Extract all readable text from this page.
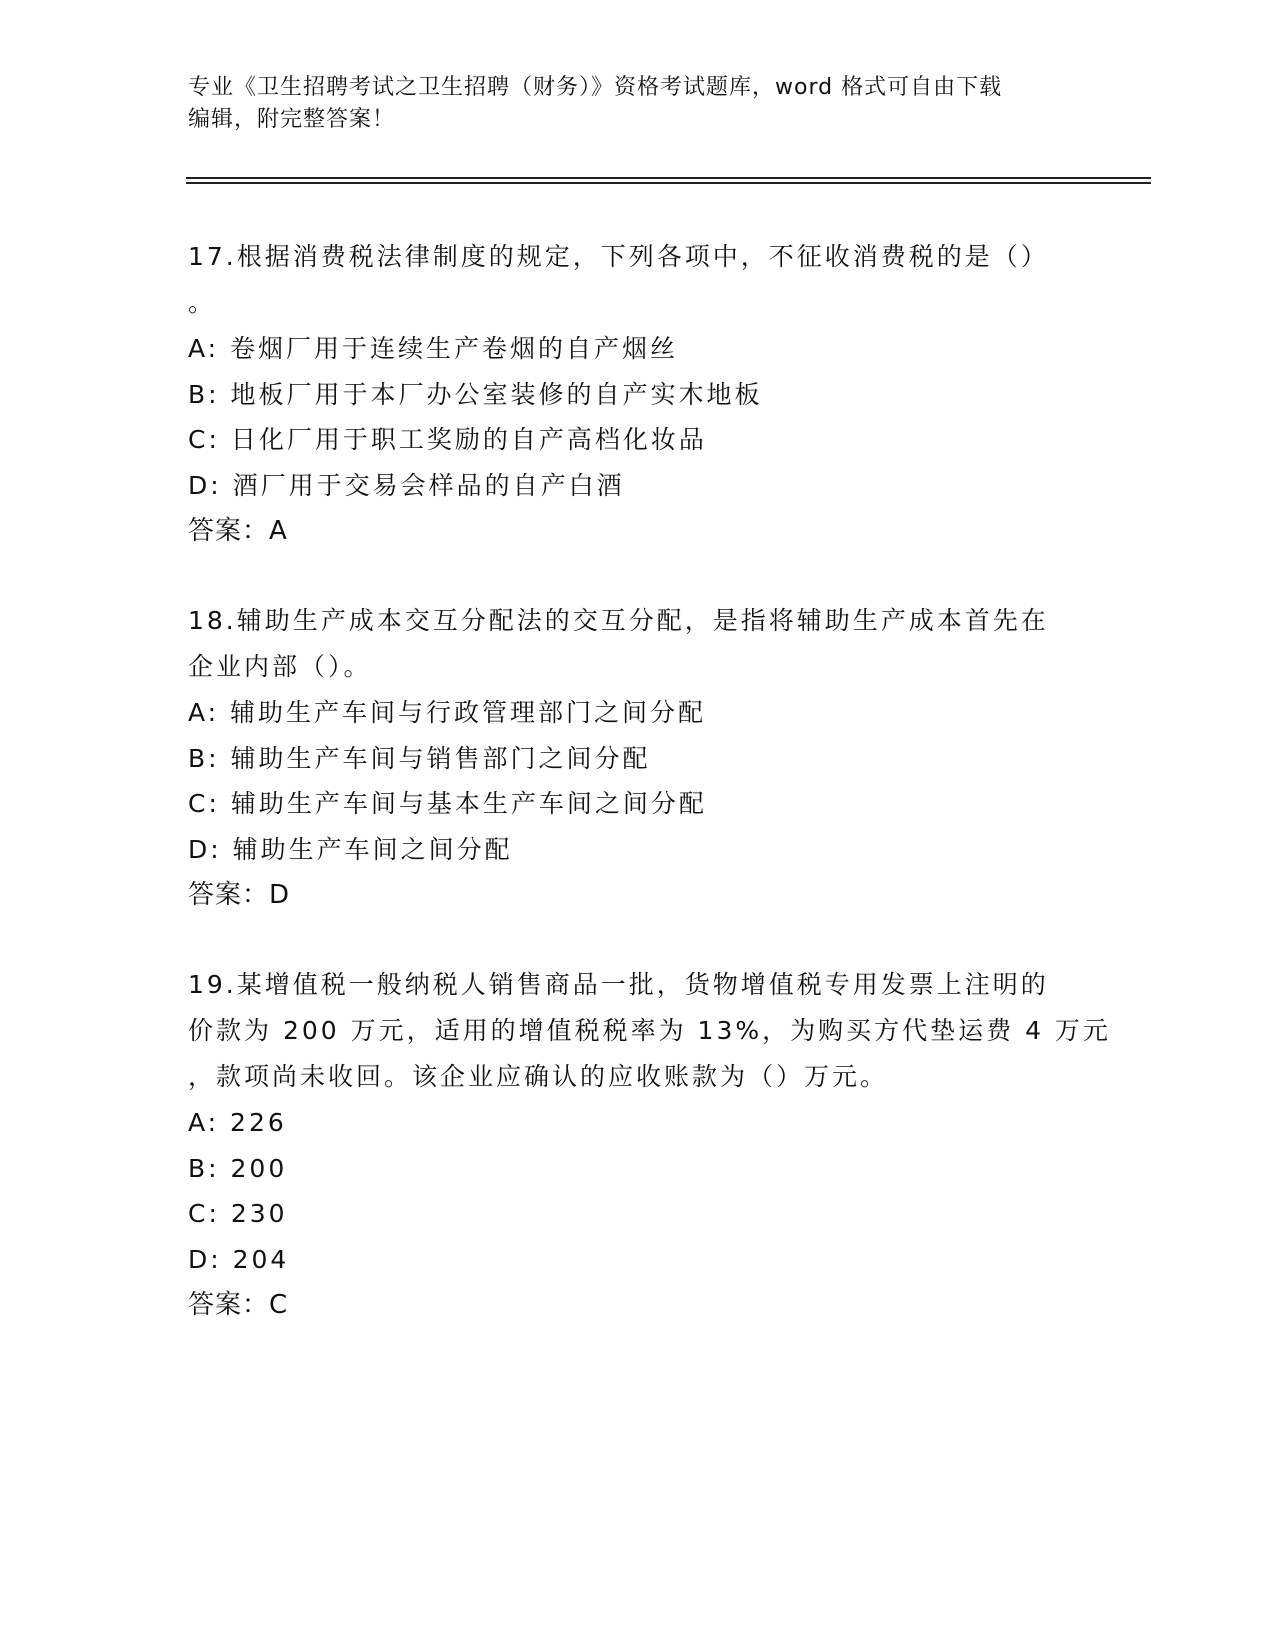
专业《卫生招聘考试之卫生招聘（财务）》资格考试题库，word 格式可自由下载
编辑，附完整答案！
17.根据消费税法律制度的规定，下列各项中，不征收消费税的是（）
。
A: 卷烟厂用于连续生产卷烟的自产烟丝
B: 地板厂用于本厂办公室装修的自产实木地板
C: 日化厂用于职工奖励的自产高档化妆品
D: 酒厂用于交易会样品的自产白酒
答案：A
18.辅助生产成本交互分配法的交互分配，是指将辅助生产成本首先在
企业内部（）。
A: 辅助生产车间与行政管理部门之间分配
B: 辅助生产车间与销售部门之间分配
C: 辅助生产车间与基本生产车间之间分配
D: 辅助生产车间之间分配
答案：D
19.某增值税一般纳税人销售商品一批，货物增值税专用发票上注明的
价款为 200 万元，适用的增值税税率为 13%，为购买方代垫运费 4 万元
，款项尚未收回。该企业应确认的应收账款为（）万元。
A: 226
B: 200
C: 230
D: 204
答案：C
